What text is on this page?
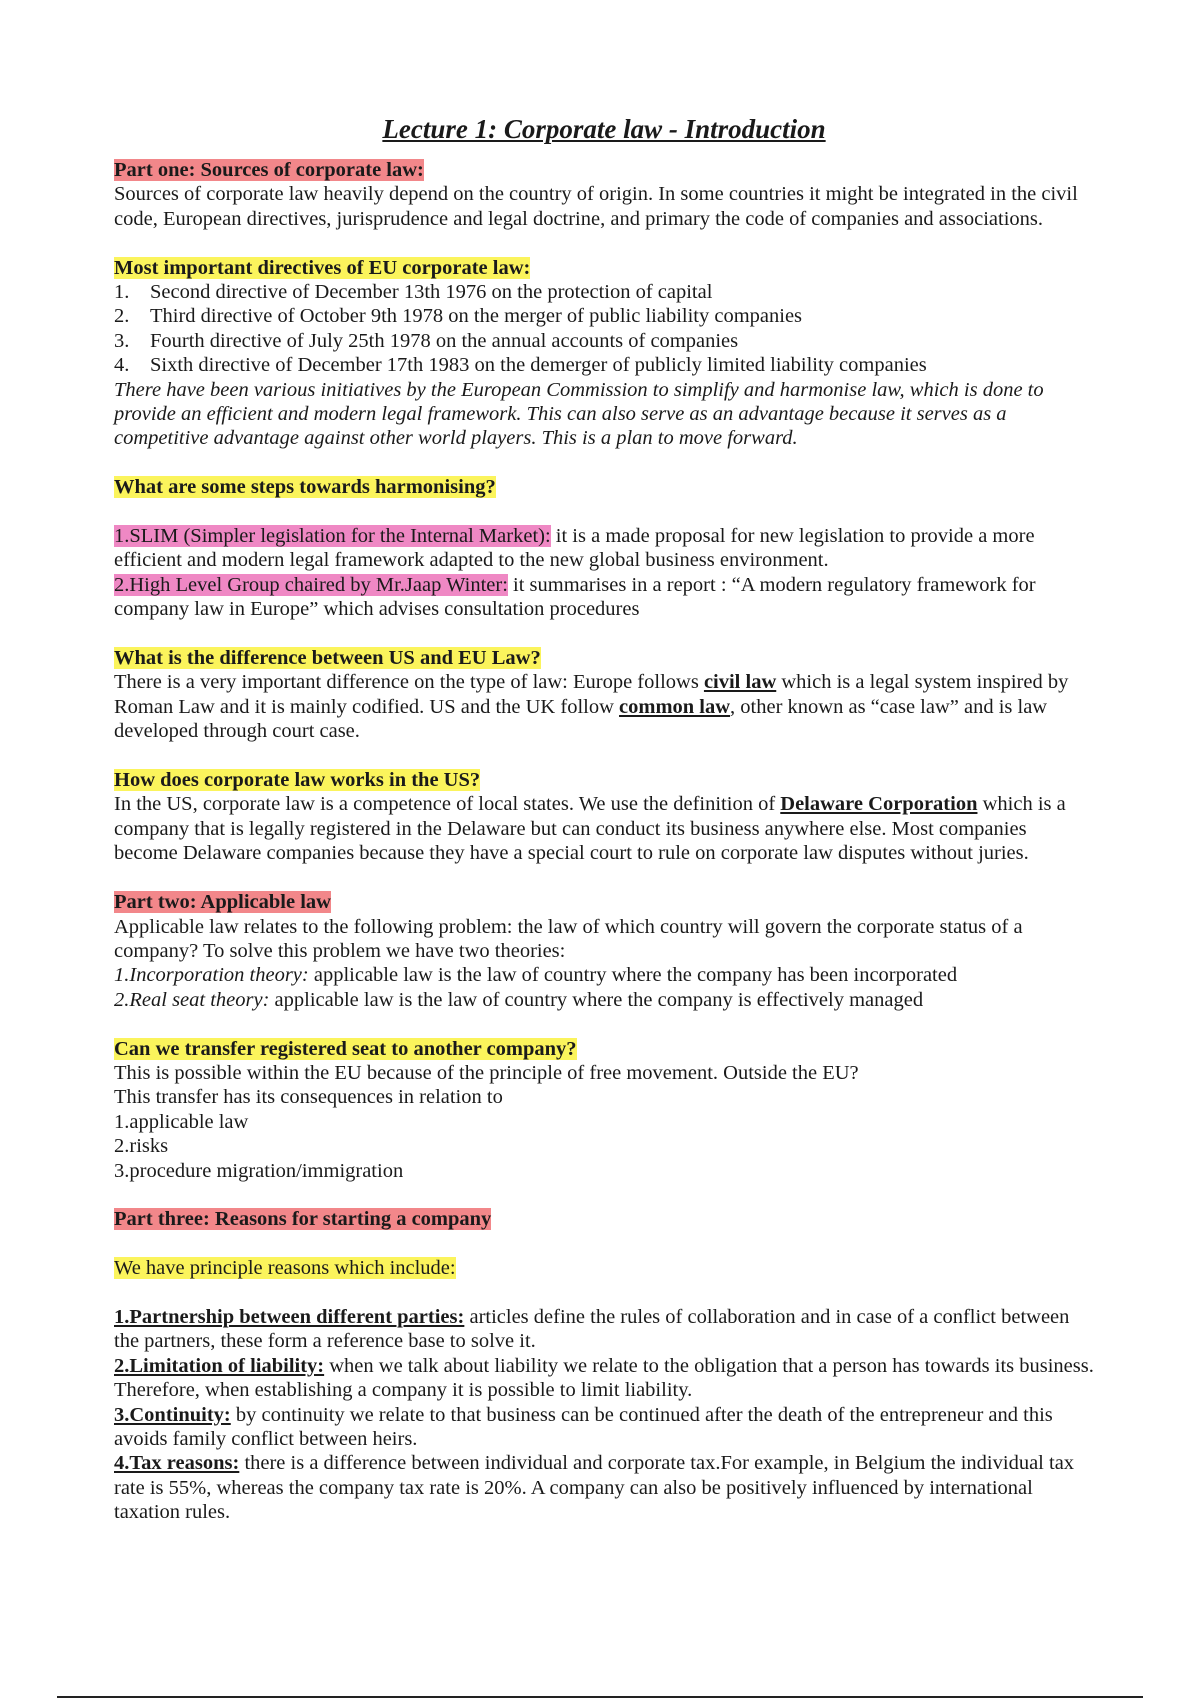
Lecture 1: Corporate law - Introduction

Part one: Sources of corporate law:

Sources of corporate law heavily depend on the country of origin. In some countries it might be integrated in the civil code, European directives, jurisprudence and legal doctrine, and primary the code of companies and associations.

Most important directives of EU corporate law:

1.	Second directive of December 13th 1976 on the protection of capital
2.	Third directive of October 9th 1978 on the merger of public liability companies
3.	Fourth directive of July 25th 1978 on the annual accounts of companies
4.	Sixth directive of December 17th 1983 on the demerger of publicly limited liability companies

There have been various initiatives by the European Commission to simplify and harmonise law, which is done to provide an efficient and modern legal framework. This can also serve as an advantage because it serves as a competitive advantage against other world players. This is a plan to move forward.

What are some steps towards harmonising?

1.SLIM (Simpler legislation for the Internal Market): it is a made proposal for new legislation to provide a more efficient and modern legal framework adapted to the new global business environment.

2.High Level Group chaired by Mr.Jaap Winter: it summarises in a report : “A modern regulatory framework for company law in Europe” which advises consultation procedures

What is the difference between US and EU Law?

There is a very important difference on the type of law: Europe follows civil law which is a legal system inspired by Roman Law and it is mainly codified. US and the UK follow common law, other known as “case law” and is law developed through court case.

How does corporate law works in the US?

In the US, corporate law is a competence of local states. We use the definition of Delaware Corporation which is a company that is legally registered in the Delaware but can conduct its business anywhere else. Most companies become Delaware companies because they have a special court to rule on corporate law disputes without juries.

Part two: Applicable law

Applicable law relates to the following problem: the law of which country will govern the corporate status of a company? To solve this problem we have two theories:

1.Incorporation theory: applicable law is the law of country where the company has been incorporated

2.Real seat theory: applicable law is the law of country where the company is effectively managed

Can we transfer registered seat to another company?

This is possible within the EU because of the principle of free movement. Outside the EU?

This transfer has its consequences in relation to

1.applicable law

2.risks

3.procedure migration/immigration

Part three: Reasons for starting a company

We have principle reasons which include:

1.Partnership between different parties: articles define the rules of collaboration and in case of a conflict between the partners, these form a reference base to solve it.

2.Limitation of liability: when we talk about liability we relate to the obligation that a person has towards its business. Therefore, when establishing a company it is possible to limit liability.

3.Continuity: by continuity we relate to that business can be continued after the death of the entrepreneur and this avoids family conflict between heirs.

4.Tax reasons: there is a difference between individual and corporate tax.For example, in Belgium the individual tax rate is 55%, whereas the company tax rate is 20%. A company can also be positively influenced by international taxation rules.
